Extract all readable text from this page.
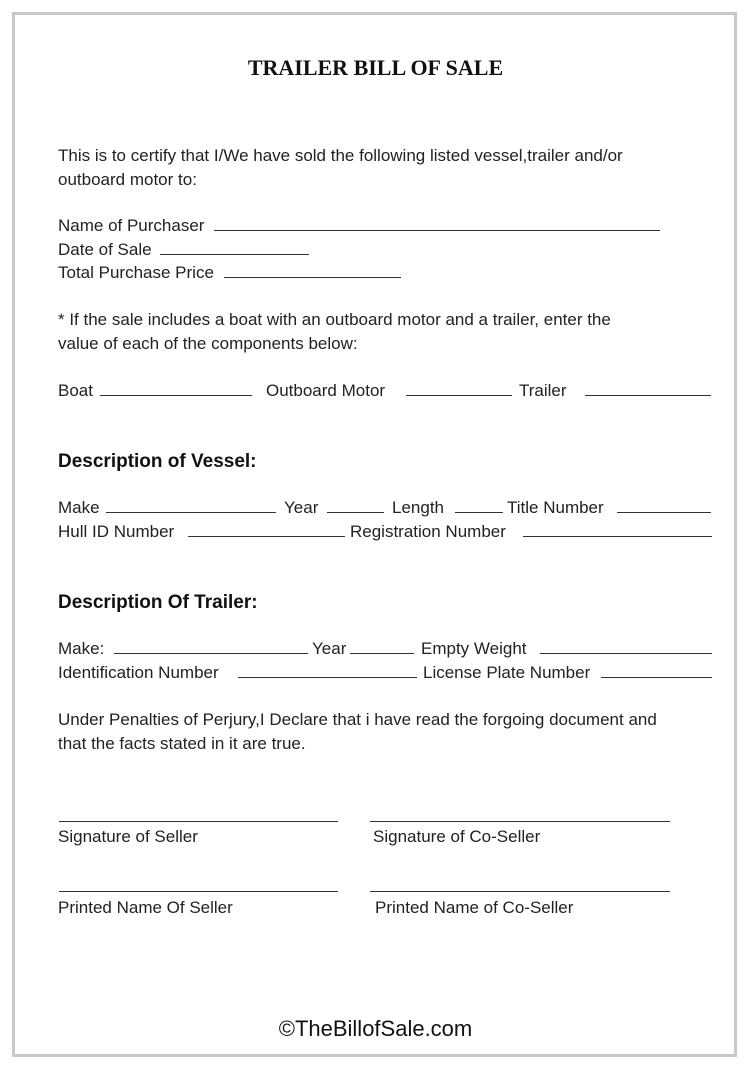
TRAILER BILL OF SALE
This is to certify that I/We have sold the following listed vessel,trailer and/or
outboard motor to:
Name of Purchaser
Date of Sale
Total Purchase Price
* If the sale includes a boat with an outboard motor and a trailer, enter the
value of each of the components below:
Boat	Outboard Motor	Trailer
Description of Vessel:
Make	Year	Length	Title Number
Hull ID Number	Registration Number
Description Of Trailer:
Make:	Year	Empty Weight
Identification Number	License Plate Number
Under Penalties of Perjury,I Declare that i have read the forgoing document and
that the facts stated in it are true.
Signature of Seller	Signature of Co-Seller
Printed Name Of Seller	Printed Name of Co-Seller
©TheBillofSale.com
